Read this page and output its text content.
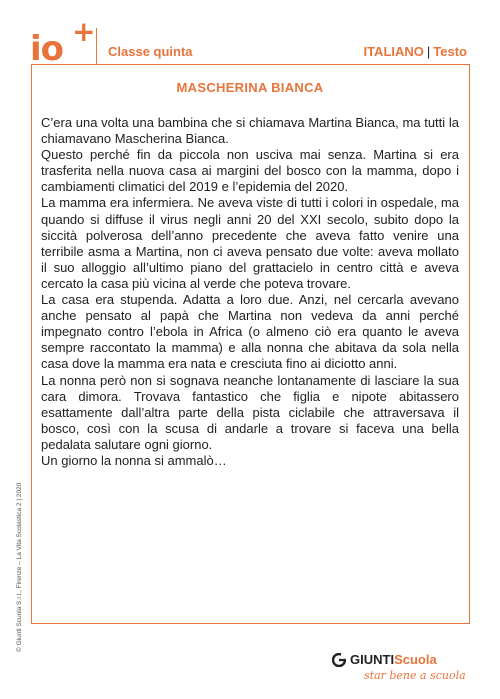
io +
Classe quinta	ITALIANO | Testo
MASCHERINA BIANCA

C’era una volta una bambina che si chiamava Martina Bianca, ma tutti la chiamavano Mascherina Bianca.

Questo perché fin da piccola non usciva mai senza. Martina si era trasferita nella nuova casa ai margini del bosco con la mamma, dopo i cambiamenti climatici del 2019 e l’epidemia del 2020.

La mamma era infermiera. Ne aveva viste di tutti i colori in ospedale, ma quando si diffuse il virus negli anni 20 del XXI secolo, subito dopo la siccità polverosa dell’anno precedente che aveva fatto venire una terribile asma a Martina, non ci aveva pensato due volte: aveva mollato il suo alloggio all’ultimo piano del grattacielo in centro città e aveva cercato la casa più vicina al verde che poteva trovare.

La casa era stupenda. Adatta a loro due. Anzi, nel cercarla avevano anche pensato al papà che Martina non vedeva da anni perché impegnato contro l’ebola in Africa (o almeno ciò era quanto le aveva sempre raccontato la mamma) e alla nonna che abitava da sola nella casa dove la mamma era nata e cresciuta fino ai diciotto anni.

La nonna però non si sognava neanche lontanamente di lasciare la sua cara dimora. Trovava fantastico che figlia e nipote abitassero esattamente dall’altra parte della pista ciclabile che attraversava il bosco, così con la scusa di andarle a trovare si faceva una bella pedalata salutare ogni giorno.

Un giorno la nonna si ammalò…

© Giunti Scuola S.r.l., Firenze – La Vita Scolastica 2 | 2020
GIUNTIScuola
star bene a scuola
